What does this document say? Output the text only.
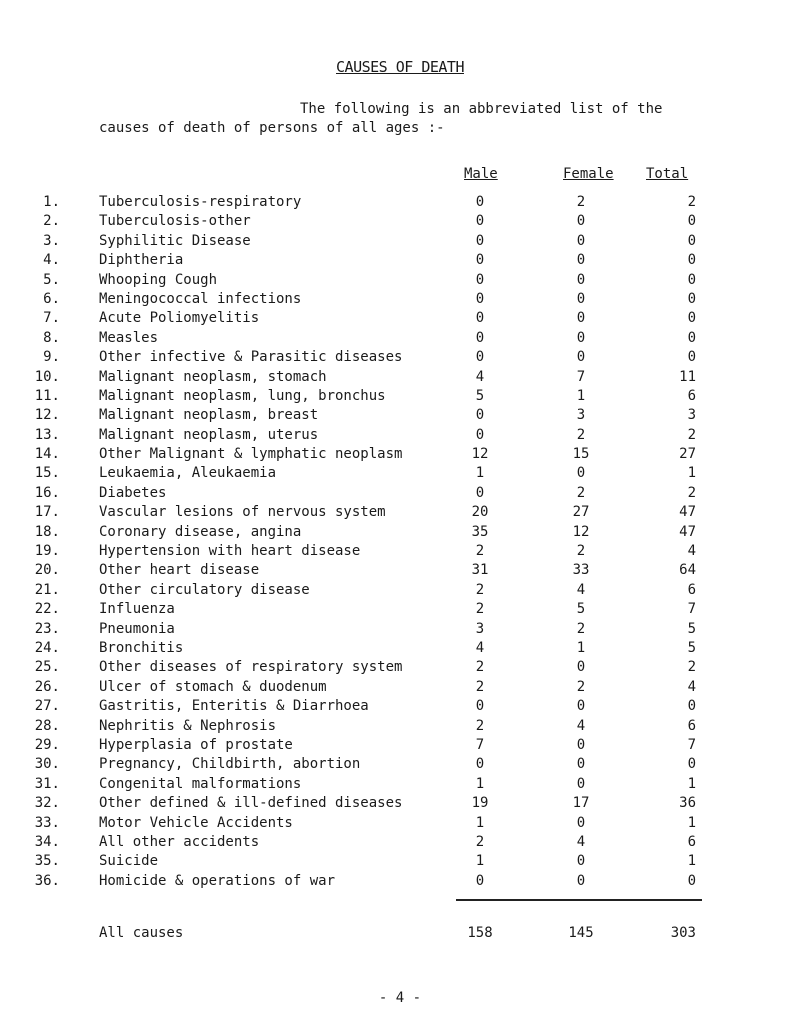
CAUSES OF DEATH
The following is an abbreviated list of the
causes of death of persons of all ages :-
Male	Female Total
1.	Tuberculosis-respiratory	0	2	2
2.	Tuberculosis-other	0	0	0
3.	Syphilitic Disease	0	0	0
4.	Diphtheria	0	0	0
5.	Whooping Cough	0	0	0
6.	Meningococcal infections	0	0	0
7.	Acute Poliomyelitis	0	0	0
8.	Measles	0	0	0
9.	Other infective & Parasitic diseases	0	0	0
10.	Malignant neoplasm, stomach	4	7	11
11.	Malignant neoplasm, lung, bronchus	5	1	6
12.	Malignant neoplasm, breast	0	3	3
13.	Malignant neoplasm, uterus	0	2	2
14.	Other Malignant & lymphatic neoplasm	12	15	27
15.	Leukaemia, Aleukaemia	1	0	1
16.	Diabetes	0	2	2
17.	Vascular lesions of nervous system	20	27	47
18.	Coronary disease, angina	35	12	47
19.	Hypertension with heart disease	2	2	4
20.	Other heart disease	31	33	64
21.	Other circulatory disease	2	4	6
22.	Influenza	2	5	7
23.	Pneumonia	3	2	5
24.	Bronchitis	4	1	5
25.	Other diseases of respiratory system	2	0	2
26.	Ulcer of stomach & duodenum	2	2	4
27.	Gastritis, Enteritis & Diarrhoea	0	0	0
28.	Nephritis & Nephrosis	2	4	6
29.	Hyperplasia of prostate	7	0	7
30.	Pregnancy, Childbirth, abortion	0	0	0
31.	Congenital malformations	1	0	1
32.	Other defined & ill-defined diseases	19	17	36
33.	Motor Vehicle Accidents	1	0	1
34.	All other accidents	2	4	6
35.	Suicide	1	0	1
36.	Homicide & operations of war	0	0	0
All causes	158	145	303
- 4 -
